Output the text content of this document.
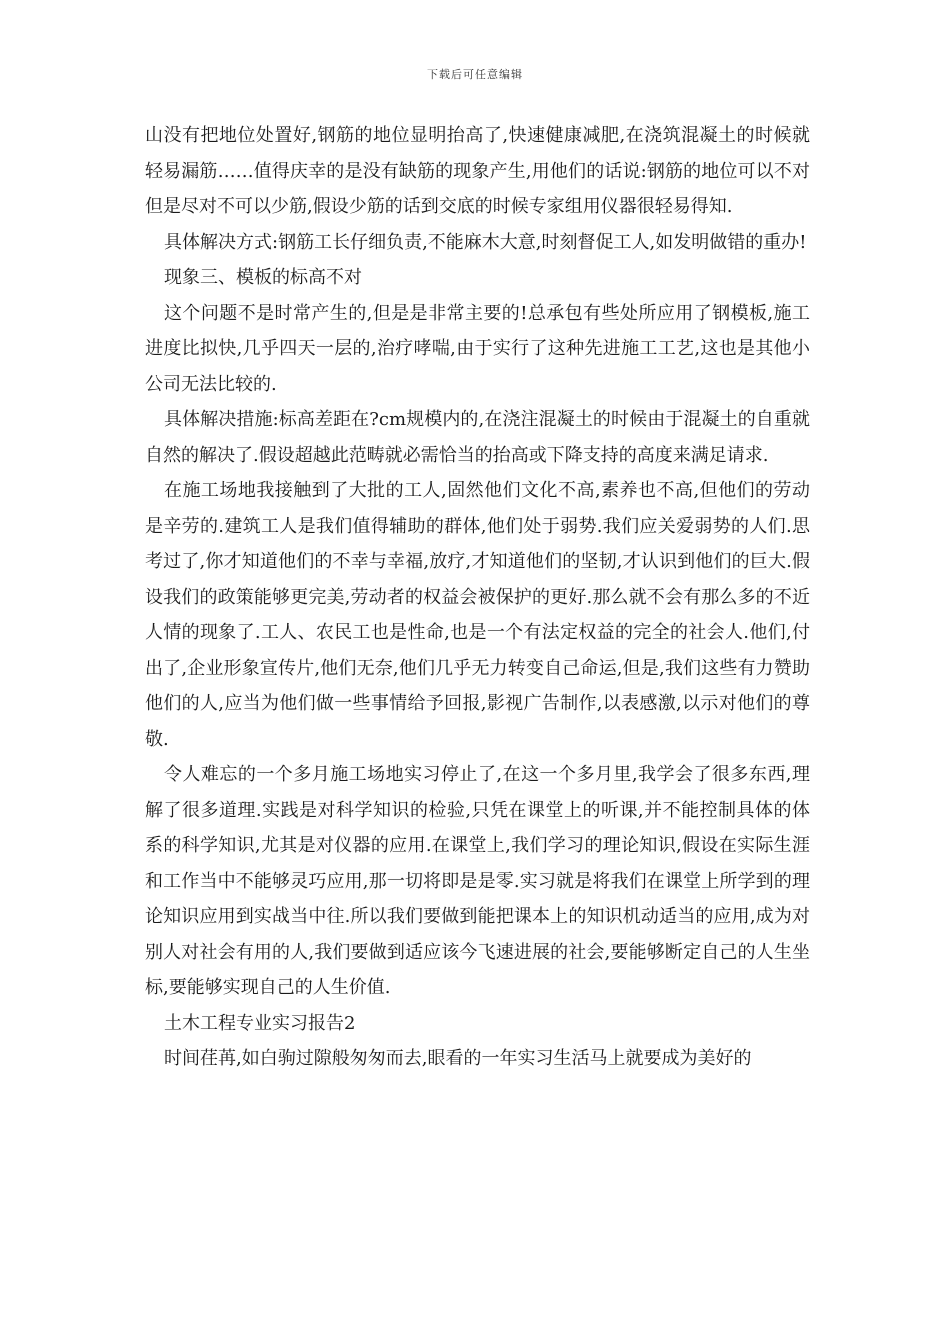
下载后可任意编辑

山没有把地位处置好,钢筋的地位显明抬高了,快速健康减肥,在浇筑混凝土的时候就轻易漏筋……值得庆幸的是没有缺筋的现象产生,用他们的话说:钢筋的地位可以不对但是尽对不可以少筋,假设少筋的话到交底的时候专家组用仪器很轻易得知.

具体解决方式:钢筋工长仔细负责,不能麻木大意,时刻督促工人,如发明做错的重办!

现象三、模板的标高不对

这个问题不是时常产生的,但是是非常主要的!总承包有些处所应用了钢模板,施工进度比拟快,几乎四天一层的,治疗哮喘,由于实行了这种先进施工工艺,这也是其他小公司无法比较的.

具体解决措施:标高差距在?cm规模内的,在浇注混凝土的时候由于混凝土的自重就自然的解决了.假设超越此范畴就必需恰当的抬高或下降支持的高度来满足请求.

在施工场地我接触到了大批的工人,固然他们文化不高,素养也不高,但他们的劳动是辛劳的.建筑工人是我们值得辅助的群体,他们处于弱势.我们应关爱弱势的人们.思考过了,你才知道他们的不幸与幸福,放疗,才知道他们的坚韧,才认识到他们的巨大.假设我们的政策能够更完美,劳动者的权益会被保护的更好.那么就不会有那么多的不近人情的现象了.工人、农民工也是性命,也是一个有法定权益的完全的社会人.他们,付出了,企业形象宣传片,他们无奈,他们几乎无力转变自己命运,但是,我们这些有力赞助他们的人,应当为他们做一些事情给予回报,影视广告制作,以表感激,以示对他们的尊敬.

令人难忘的一个多月施工场地实习停止了,在这一个多月里,我学会了很多东西,理解了很多道理.实践是对科学知识的检验,只凭在课堂上的听课,并不能控制具体的体系的科学知识,尤其是对仪器的应用.在课堂上,我们学习的理论知识,假设在实际生涯和工作当中不能够灵巧应用,那一切将即是是零.实习就是将我们在课堂上所学到的理论知识应用到实战当中往.所以我们要做到能把课本上的知识机动适当的应用,成为对别人对社会有用的人,我们要做到适应该今飞速进展的社会,要能够断定自己的人生坐标,要能够实现自己的人生价值.

土木工程专业实习报告2

时间荏苒,如白驹过隙般匆匆而去,眼看的一年实习生活马上就要成为美好的
